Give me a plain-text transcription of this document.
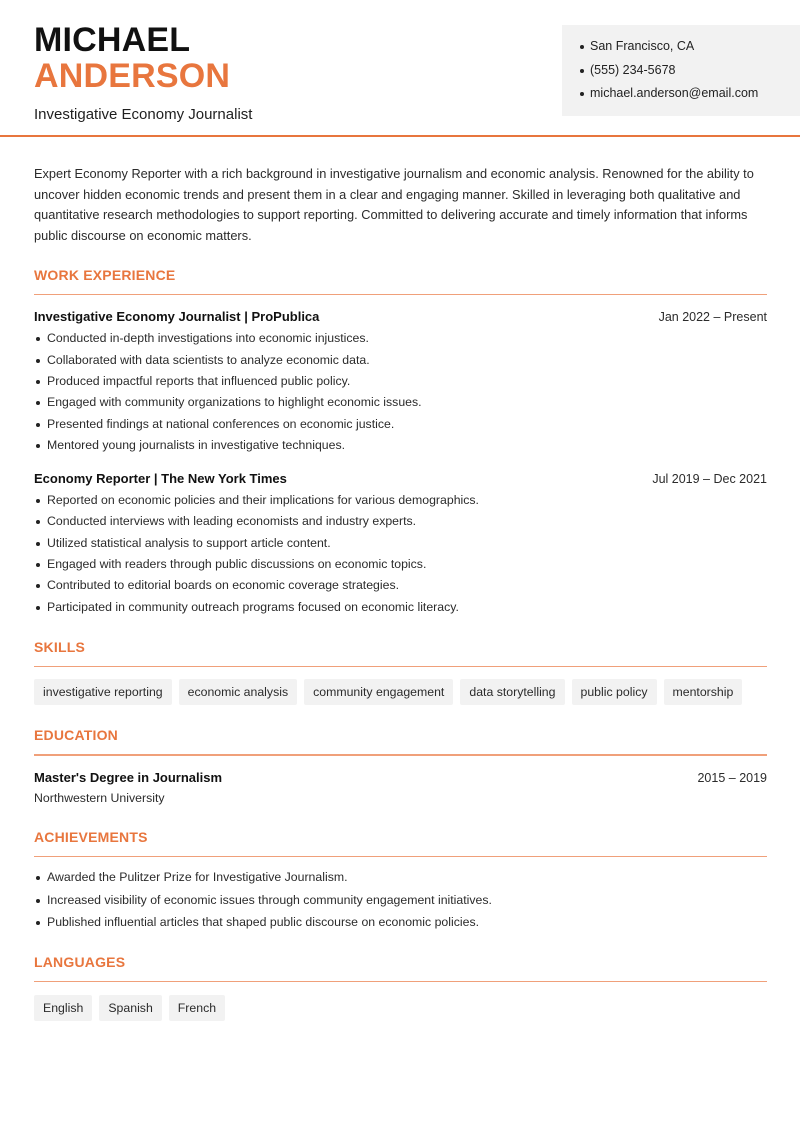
MICHAEL
ANDERSON
Investigative Economy Journalist
San Francisco, CA
(555) 234-5678
michael.anderson@email.com

Expert Economy Reporter with a rich background in investigative journalism and economic analysis. Renowned for the ability to uncover hidden economic trends and present them in a clear and engaging manner. Skilled in leveraging both qualitative and quantitative research methodologies to support reporting. Committed to delivering accurate and timely information that informs public discourse on economic matters.

WORK EXPERIENCE
Investigative Economy Journalist | ProPublica	Jan 2022 – Present
Conducted in-depth investigations into economic injustices.
Collaborated with data scientists to analyze economic data.
Produced impactful reports that influenced public policy.
Engaged with community organizations to highlight economic issues.
Presented findings at national conferences on economic justice.
Mentored young journalists in investigative techniques.
Economy Reporter | The New York Times	Jul 2019 – Dec 2021
Reported on economic policies and their implications for various demographics.
Conducted interviews with leading economists and industry experts.
Utilized statistical analysis to support article content.
Engaged with readers through public discussions on economic topics.
Contributed to editorial boards on economic coverage strategies.
Participated in community outreach programs focused on economic literacy.
SKILLS
investigative reporting	economic analysis	community engagement	data storytelling	public policy	mentorship
EDUCATION
Master's Degree in Journalism	2015 – 2019
Northwestern University
ACHIEVEMENTS
Awarded the Pulitzer Prize for Investigative Journalism.
Increased visibility of economic issues through community engagement initiatives.
Published influential articles that shaped public discourse on economic policies.
LANGUAGES
English	Spanish	French
